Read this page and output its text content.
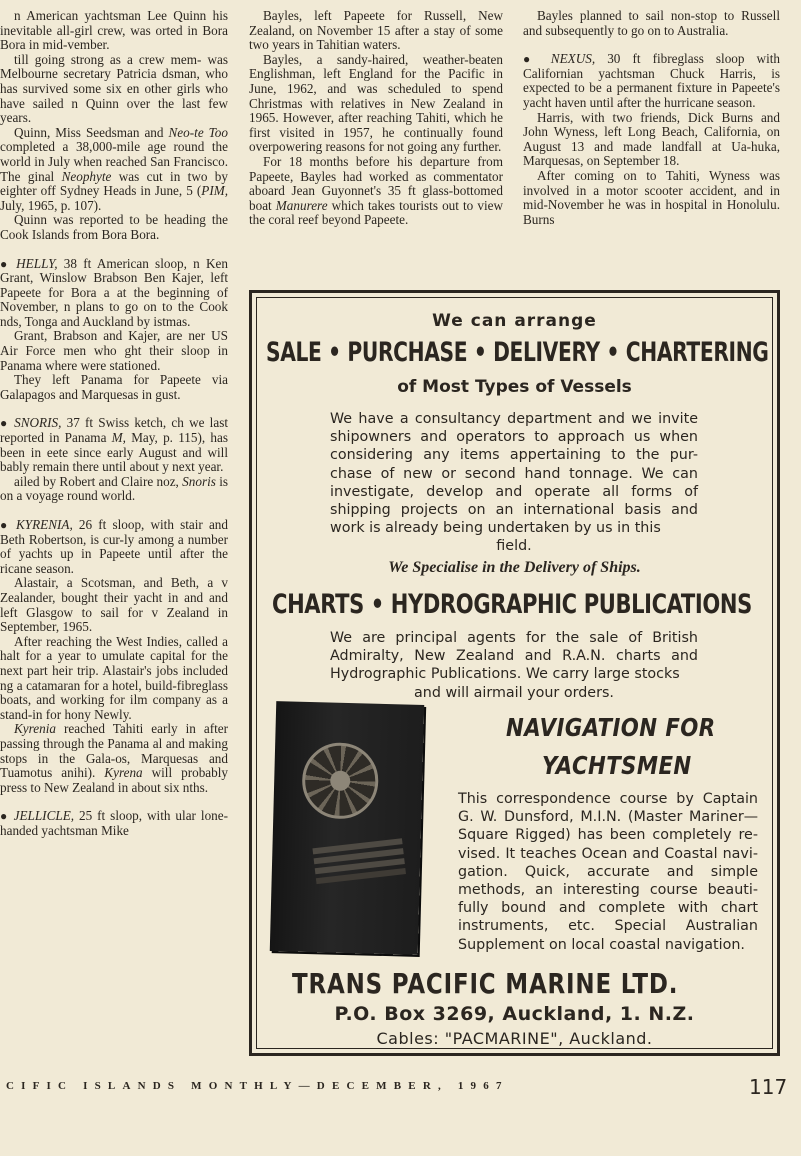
n American yachtsman Lee Quinn his inevitable all-girl crew, was orted in Bora Bora in mid-vember.

till going strong as a crew mem- was Melbourne secretary Patricia dsman, who has survived some six en other girls who have sailed n Quinn over the last few years.

Quinn, Miss Seedsman and Neo-te Too completed a 38,000-mile age round the world in July when reached San Francisco. The ginal Neophyte was cut in two by eighter off Sydney Heads in June, 5 (PIM, July, 1965, p. 107).

Quinn was reported to be heading the Cook Islands from Bora Bora.

● HELLY, 38 ft American sloop, n Ken Grant, Winslow Brabson Ben Kajer, left Papeete for Bora a at the beginning of November, n plans to go on to the Cook nds, Tonga and Auckland by istmas.

Grant, Brabson and Kajer, are ner US Air Force men who ght their sloop in Panama where were stationed.

They left Panama for Papeete via Galapagos and Marquesas in gust.

● SNORIS, 37 ft Swiss ketch, ch we last reported in Panama M, May, p. 115), has been in eete since early August and will bably remain there until about y next year.

ailed by Robert and Claire noz, Snoris is on a voyage round world.

● KYRENIA, 26 ft sloop, with stair and Beth Robertson, is cur-ly among a number of yachts up in Papeete until after the ricane season.

Alastair, a Scotsman, and Beth, a v Zealander, bought their yacht in and and left Glasgow to sail for v Zealand in September, 1965.

After reaching the West Indies, called a halt for a year to umulate capital for the next part heir trip. Alastair's jobs included ng a catamaran for a hotel, build-fibreglass boats, and working for ilm company as a stand-in for hony Newly.

Kyrenia reached Tahiti early in after passing through the Panama al and making stops in the Gala-os, Marquesas and Tuamotus anihi). Kyrena will probably press to New Zealand in about six nths.

● JELLICLE, 25 ft sloop, with ular lone-handed yachtsman Mike

Bayles, left Papeete for Russell, New Zealand, on November 15 after a stay of some two years in Tahitian waters.

Bayles, a sandy-haired, weather-beaten Englishman, left England for the Pacific in June, 1962, and was scheduled to spend Christmas with relatives in New Zealand in 1965. However, after reaching Tahiti, which he first visited in 1957, he continually found overpowering reasons for not going any further.

For 18 months before his departure from Papeete, Bayles had worked as commentator aboard Jean Guyonnet's 35 ft glass-bottomed boat Manurere which takes tourists out to view the coral reef beyond Papeete.

Bayles planned to sail non-stop to Russell and subsequently to go on to Australia.

● NEXUS, 30 ft fibreglass sloop with Californian yachtsman Chuck Harris, is expected to be a permanent fixture in Papeete's yacht haven until after the hurricane season.

Harris, with two friends, Dick Burns and John Wyness, left Long Beach, California, on August 13 and made landfall at Ua-huka, Marquesas, on September 18.

After coming on to Tahiti, Wyness was involved in a motor scooter accident, and in mid-November he was in hospital in Honolulu. Burns

We can arrange
SALE • PURCHASE • DELIVERY • CHARTERING
of Most Types of Vessels
We have a consultancy department and we invite shipowners and operators to approach us when considering any items appertaining to the pur-chase of new or second hand tonnage. We can investigate, develop and operate all forms of shipping projects on an international basis and work is already being undertaken by us in this
field.
We Specialise in the Delivery of Ships.
CHARTS • HYDROGRAPHIC PUBLICATIONS
We are principal agents for the sale of British Admiralty, New Zealand and R.A.N. charts and Hydrographic Publications. We carry large stocks
and will airmail your orders.
NAVIGATION FOR
YACHTSMEN
This correspondence course by Captain G. W. Dunsford, M.I.N. (Master Mariner— Square Rigged) has been completely re-vised. It teaches Ocean and Coastal navi-gation. Quick, accurate and simple methods, an interesting course beauti-fully bound and complete with chart instruments, etc. Special Australian Supplement on local coastal navigation.
TRANS PACIFIC MARINE LTD.
P.O. Box 3269, Auckland, 1. N.Z.
Cables: "PACMARINE", Auckland.
CIFIC ISLANDS MONTHLY—DECEMBER, 1967	117
